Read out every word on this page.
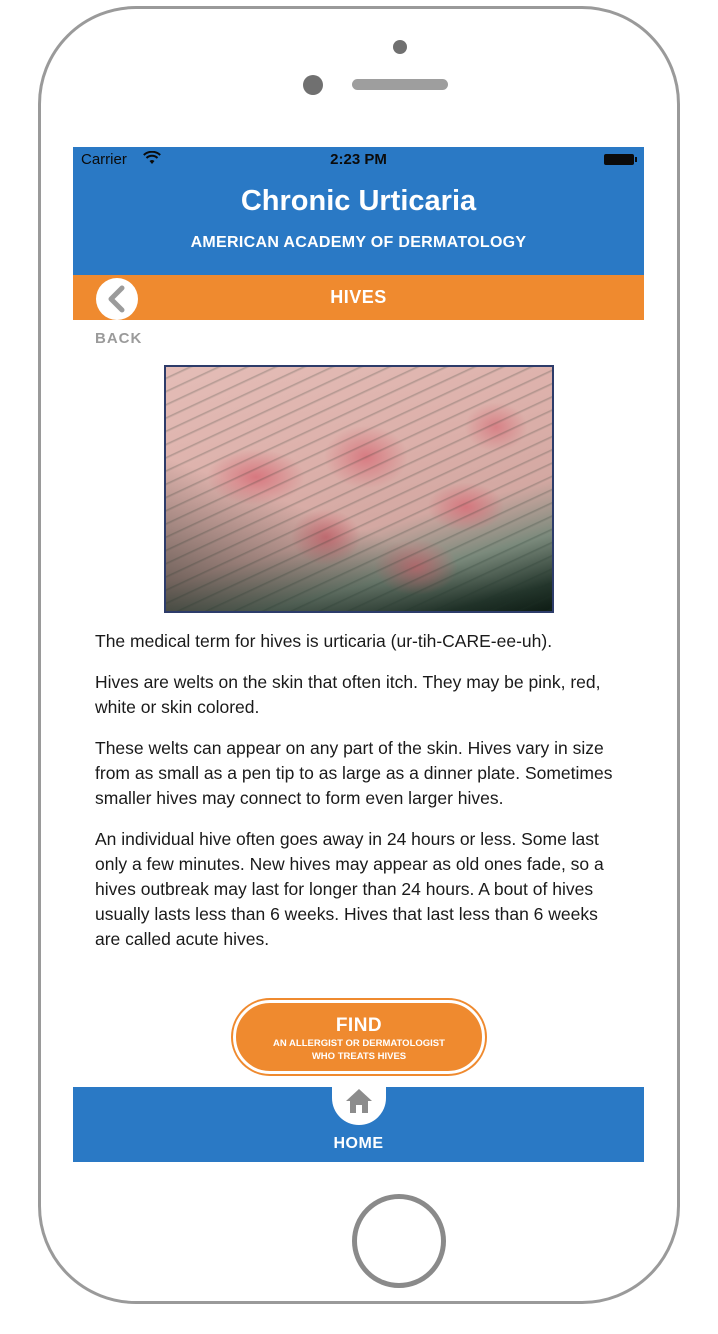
Carrier	2:23 PM
Chronic Urticaria
AMERICAN ACADEMY OF DERMATOLOGY
HIVES
BACK

The medical term for hives is urticaria (ur-tih-CARE-ee-uh).

Hives are welts on the skin that often itch. They may be pink, red, white or skin colored.

These welts can appear on any part of the skin. Hives vary in size from as small as a pen tip to as large as a dinner plate. Sometimes smaller hives may connect to form even larger hives.

An individual hive often goes away in 24 hours or less. Some last only a few minutes. New hives may appear as old ones fade, so a hives outbreak may last for longer than 24 hours. A bout of hives usually lasts less than 6 weeks. Hives that last less than 6 weeks are called acute hives.

FIND
AN ALLERGIST OR DERMATOLOGIST
WHO TREATS HIVES
HOME
